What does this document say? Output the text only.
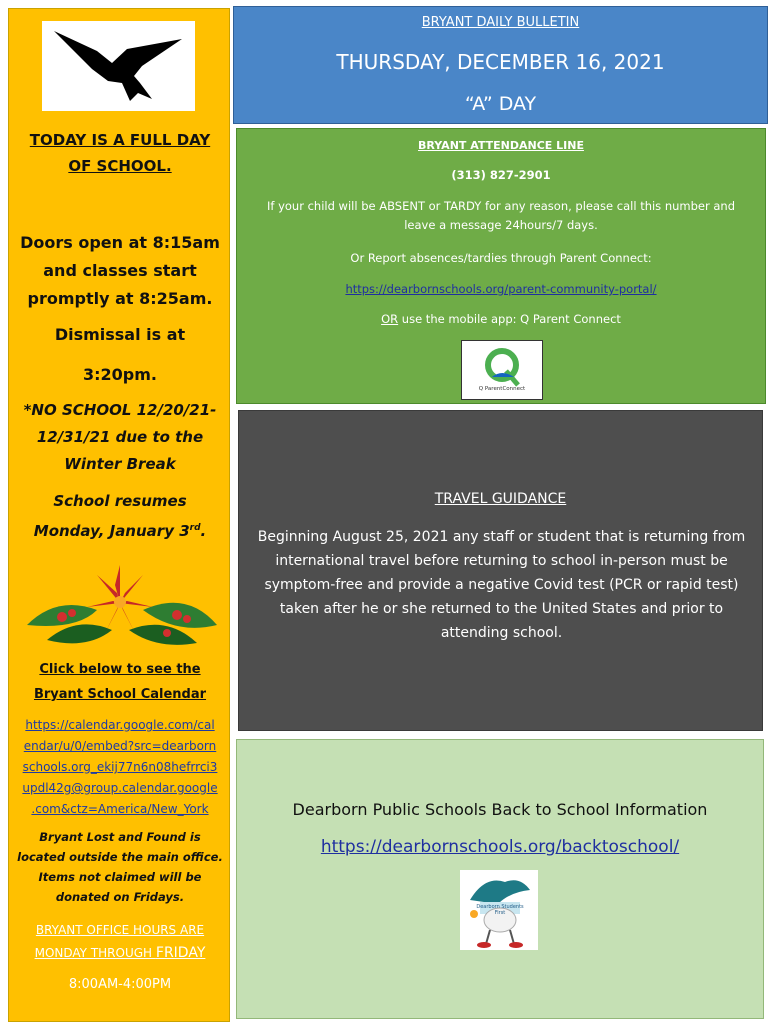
TODAY IS A FULL DAY
OF SCHOOL.
Doors open at 8:15am
and classes start
promptly at 8:25am.
Dismissal is at
3:20pm.
*NO SCHOOL 12/20/21-
12/31/21 due to the
Winter Break
School resumes
Monday, January 3rd.
Click below to see the
Bryant School Calendar
https://calendar.google.com/cal
endar/u/0/embed?src=dearborn
schools.org_ekij77n6n08hefrrci3
updl42g@group.calendar.google
.com&ctz=America/New_York
Bryant Lost and Found is
located outside the main office.
Items not claimed will be
donated on Fridays.
BRYANT OFFICE HOURS ARE
MONDAY THROUGH FRIDAY
8:00AM-4:00PM
BRYANT DAILY BULLETIN
THURSDAY, DECEMBER 16, 2021
“A” DAY
BRYANT ATTENDANCE LINE
(313) 827-2901
If your child will be ABSENT or TARDY for any reason, please call this number and
leave a message 24hours/7 days.
Or Report absences/tardies through Parent Connect:
https://dearbornschools.org/parent-community-portal/
OR use the mobile app: Q Parent Connect
Q ParentConnect
TRAVEL GUIDANCE
Beginning August 25, 2021 any staff or student that is returning from international travel before returning to school in-person must be symptom-free and provide a negative Covid test (PCR or rapid test) taken after he or she returned to the United States and prior to attending school.
Dearborn Public Schools Back to School Information
https://dearbornschools.org/backtoschool/
Dearborn Students First
